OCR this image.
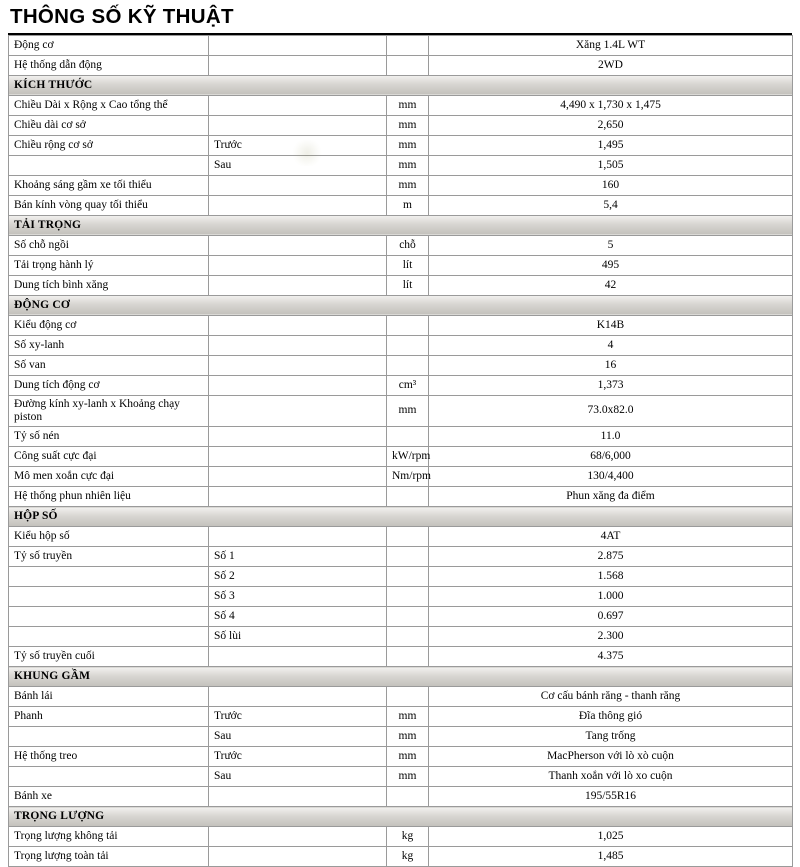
THÔNG SỐ KỸ THUẬT
Động cơ			Xăng 1.4L WT
Hệ thống dẫn động			2WD
KÍCH THƯỚC			
Chiều Dài x Rộng x Cao tổng thể		mm	4,490 x 1,730 x 1,475
Chiều dài cơ sở		mm	2,650
Chiều rộng cơ sở	Trước	mm	1,495
	Sau	mm	1,505
Khoảng sáng gầm xe tối thiểu		mm	160
Bán kính vòng quay tối thiểu		m	5,4
TẢI TRỌNG			
Số chỗ ngồi		chỗ	5
Tải trọng hành lý		lít	495
Dung tích bình xăng		lít	42
ĐỘNG CƠ			
Kiểu động cơ			K14B
Số xy-lanh			4
Số van			16
Dung tích động cơ		cm³	1,373
Đường kính xy-lanh x Khoảng chạy piston		mm	73.0x82.0
Tỷ số nén			11.0
Công suất cực đại		kW/rpm	68/6,000
Mô men xoắn cực đại		Nm/rpm	130/4,400
Hệ thống phun nhiên liệu			Phun xăng đa điểm
HỘP SỐ			
Kiểu hộp số			4AT
Tỷ số truyền	Số 1		2.875
	Số 2		1.568
	Số 3		1.000
	Số 4		0.697
	Số lùi		2.300
Tỷ số truyền cuối			4.375
KHUNG GẦM			
Bánh lái			Cơ cấu bánh răng - thanh răng
Phanh	Trước	mm	Đĩa thông gió
	Sau	mm	Tang trống
Hệ thống treo	Trước	mm	MacPherson với lò xò cuộn
	Sau	mm	Thanh xoắn với lò xo cuộn
Bánh xe			195/55R16
TRỌNG LƯỢNG			
Trọng lượng không tải		kg	1,025
Trọng lượng toàn tải		kg	1,485
